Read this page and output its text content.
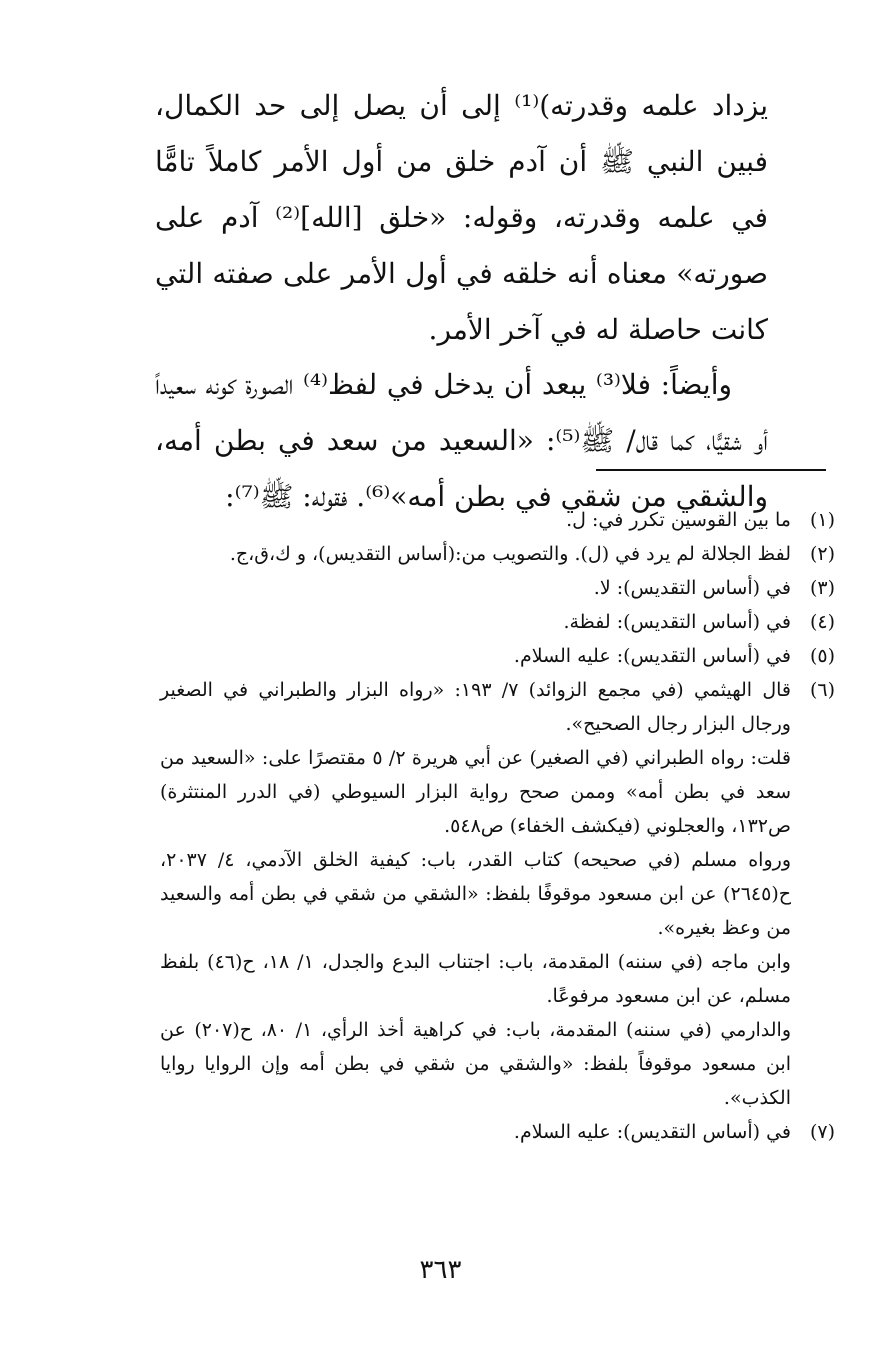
يزداد علمه وقدرته)⁽¹⁾ إلى أن يصل إلى حد الكمال، فبين النبي ﷺ أن آدم خلق من أول الأمر كاملاً تامًّا في علمه وقدرته، وقوله: «خلق [الله]⁽²⁾ آدم على صورته» معناه أنه خلقه في أول الأمر على صفته التي كانت حاصلة له في آخر الأمر.

وأيضاً: فلا⁽³⁾ يبعد أن يدخل في لفظ⁽⁴⁾ الصورة كونه سعيداً أو شقيًّا، كما قال/ ﷺ⁽⁵⁾: «السعيد من سعد في بطن أمه، والشقي من شقي في بطن أمه»⁽⁶⁾. فقوله: ﷺ⁽⁷⁾:

(١)
ما بين القوسين تكرر في: ل.
(٢)
لفظ الجلالة لم يرد في (ل). والتصويب من:(أساس التقديس)، و ك،ق،ج.
(٣)
في (أساس التقديس): لا.
(٤)
في (أساس التقديس): لفظة.
(٥)
في (أساس التقديس): عليه السلام.
(٦)
قال الهيثمي (في مجمع الزوائد) ٧/ ١٩٣: «رواه البزار والطبراني في الصغير ورجال البزار رجال الصحيح».
قلت: رواه الطبراني (في الصغير) عن أبي هريرة ٢/ ٥ مقتصرًا على: «السعيد من سعد في بطن أمه» وممن صحح رواية البزار السيوطي (في الدرر المنتثرة) ص١٣٢، والعجلوني (فيكشف الخفاء) ص٥٤٨.
ورواه مسلم (في صحيحه) كتاب القدر، باب: كيفية الخلق الآدمي، ٤/ ٢٠٣٧، ح(٢٦٤٥) عن ابن مسعود موقوفًا بلفظ: «الشقي من شقي في بطن أمه والسعيد من وعظ بغيره».
وابن ماجه (في سننه) المقدمة، باب: اجتناب البدع والجدل، ١/ ١٨، ح(٤٦) بلفظ مسلم، عن ابن مسعود مرفوعًا.
والدارمي (في سننه) المقدمة، باب: في كراهية أخذ الرأي، ١/ ٨٠، ح(٢٠٧) عن ابن مسعود موقوفاً بلفظ: «والشقي من شقي في بطن أمه وإن الروايا روايا الكذب».
(٧)
في (أساس التقديس): عليه السلام.
٣٦٣
